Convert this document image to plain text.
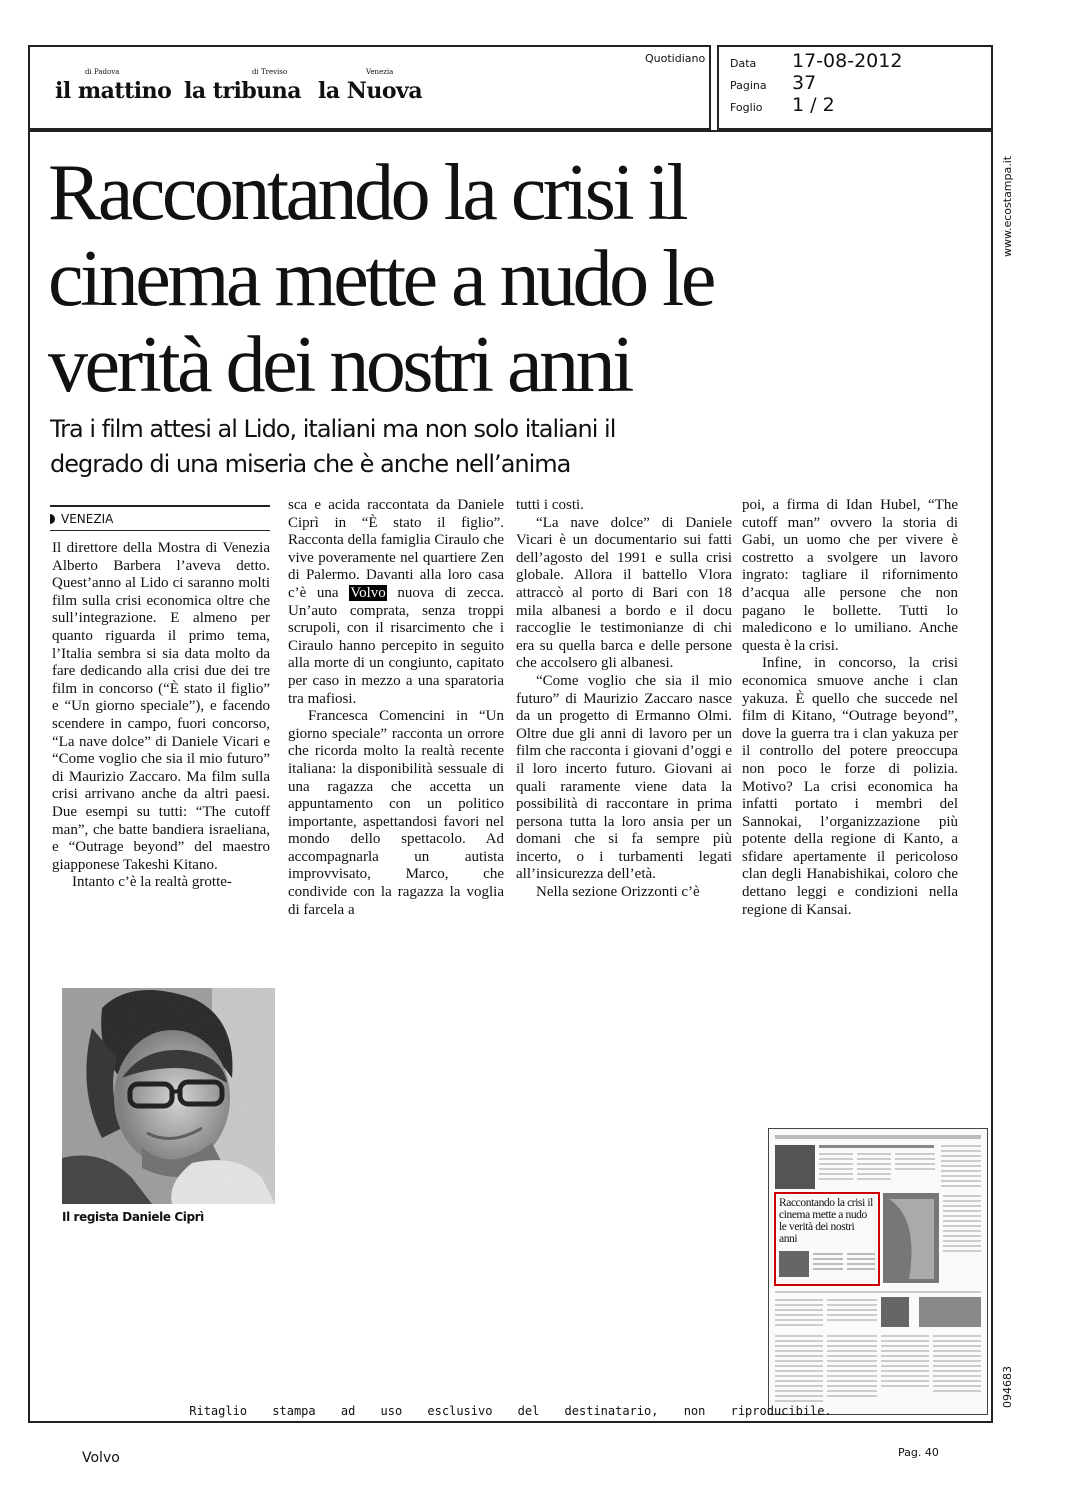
di Padova
il mattino
di Treviso
la tribuna
Venezia
la Nuova
Quotidiano Data 17-08-2012
Pagina 37
Foglio 1 / 2
Raccontando la crisi il cinema mette a nudo le verità dei nostri anni
Tra i film attesi al Lido, italiani ma non solo italiani il degrado di una miseria che è anche nell’anima
VENEZIA

Il direttore della Mostra di Venezia Alberto Barbera l’aveva detto. Quest’anno al Lido ci saranno molti film sulla crisi economica oltre che sull’integrazione. E almeno per quanto riguarda il primo tema, l’Italia sembra si sia data molto da fare dedicando alla crisi due dei tre film in concorso (“È stato il figlio” e “Un giorno speciale”), e facendo scendere in campo, fuori concorso, “La nave dolce” di Daniele Vicari e “Come voglio che sia il mio futuro” di Maurizio Zaccaro. Ma film sulla crisi arrivano anche da altri paesi. Due esempi su tutti: “The cutoff man”, che batte bandiera israeliana, e “Outrage beyond” del maestro giapponese Takeshi Kitano.

Intanto c’è la realtà grotte-

sca e acida raccontata da Daniele Ciprì in “È stato il figlio”. Racconta della famiglia Ciraulo che vive poveramente nel quartiere Zen di Palermo. Davanti alla loro casa c’è una Volvo nuova di zecca. Un’auto comprata, senza troppi scrupoli, con il risarcimento che i Ciraulo hanno percepito in seguito alla morte di un congiunto, capitato per caso in mezzo a una sparatoria tra mafiosi.

Francesca Comencini in “Un giorno speciale” racconta un orrore che ricorda molto la realtà recente italiana: la disponibilità sessuale di una ragazza che accetta un appuntamento con un politico importante, aspettandosi favori nel mondo dello spettacolo. Ad accompagnarla un autista improvvisato, Marco, che condivide con la ragazza la voglia di farcela a

tutti i costi.

“La nave dolce” di Daniele Vicari è un documentario sui fatti dell’agosto del 1991 e sulla crisi globale. Allora il battello Vlora attraccò al porto di Bari con 18 mila albanesi a bordo e il docu raccoglie le testimonianze di chi era su quella barca e delle persone che accolsero gli albanesi.

“Come voglio che sia il mio futuro” di Maurizio Zaccaro nasce da un progetto di Ermanno Olmi. Oltre due gli anni di lavoro per un film che racconta i giovani d’oggi e il loro incerto futuro. Giovani ai quali raramente viene data la possibilità di raccontare in prima persona tutta la loro ansia per un domani che si fa sempre più incerto, o i turbamenti legati all’insicurezza dell’età.

Nella sezione Orizzonti c’è

poi, a firma di Idan Hubel, “The cutoff man” ovvero la storia di Gabi, un uomo che per vivere è costretto a svolgere un lavoro ingrato: tagliare il rifornimento d’acqua alle persone che non pagano le bollette. Tutti lo maledicono e lo umiliano. Anche questa è la crisi.

Infine, in concorso, la crisi economica smuove anche i clan yakuza. È quello che succede nel film di Kitano, “Outrage beyond”, dove la guerra tra i clan yakuza per il controllo del potere preoccupa non poco le forze di polizia. Motivo? La crisi economica ha infatti portato i membri del Sannokai, l’organizzazione più potente della regione di Kanto, a sfidare apertamente il pericoloso clan degli Hanabishikai, coloro che dettano leggi e condizioni nella regione di Kansai.

Il regista Daniele Ciprì
Raccontando la crisi il cinema mette a nudo le verità dei nostri anni
www.ecostampa.it
094683
Ritaglio stampa ad uso esclusivo del destinatario, non riproducibile.
Volvo	Pag. 40
